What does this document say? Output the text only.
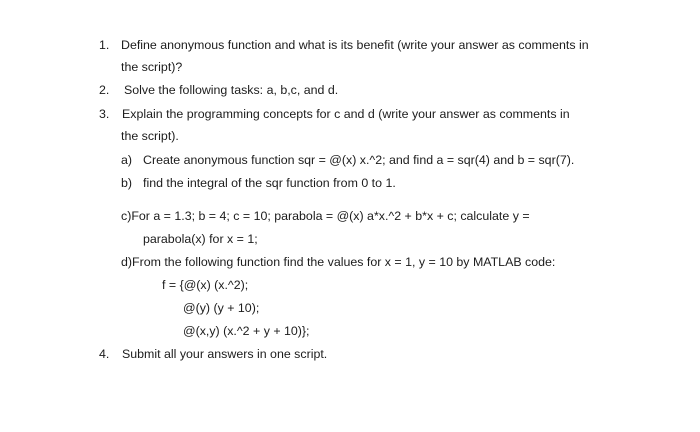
1. Define anonymous function and what is its benefit (write your answer as comments in
the script)?
2. Solve the following tasks: a, b,c, and d.
3. Explain the programming concepts for c and d (write your answer as comments in
the script).
a) Create anonymous function sqr = @(x) x.^2; and find a = sqr(4) and b = sqr(7).
b) find the integral of the sqr function from 0 to 1.
c)For a = 1.3; b = 4; c = 10; parabola = @(x) a*x.^2 + b*x + c; calculate y =
parabola(x) for x = 1;
d)From the following function find the values for x = 1, y = 10 by MATLAB code:
f = {@(x) (x.^2);
@(y) (y + 10);
@(x,y) (x.^2 + y + 10)};
4. Submit all your answers in one script.
